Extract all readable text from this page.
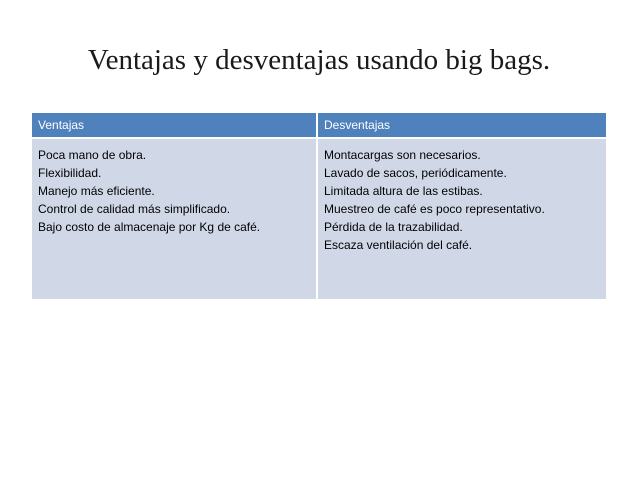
Ventajas y desventajas usando big bags.
Ventajas	Desventajas
Poca mano de obra.
Flexibilidad.
Manejo más eficiente.
Control de calidad más simplificado.
Bajo costo de almacenaje por Kg de café.
Montacargas son necesarios.
Lavado de sacos, periódicamente.
Limitada altura de las estibas.
Muestreo de café es poco representativo.
Pérdida de la trazabilidad.
Escaza ventilación del café.
